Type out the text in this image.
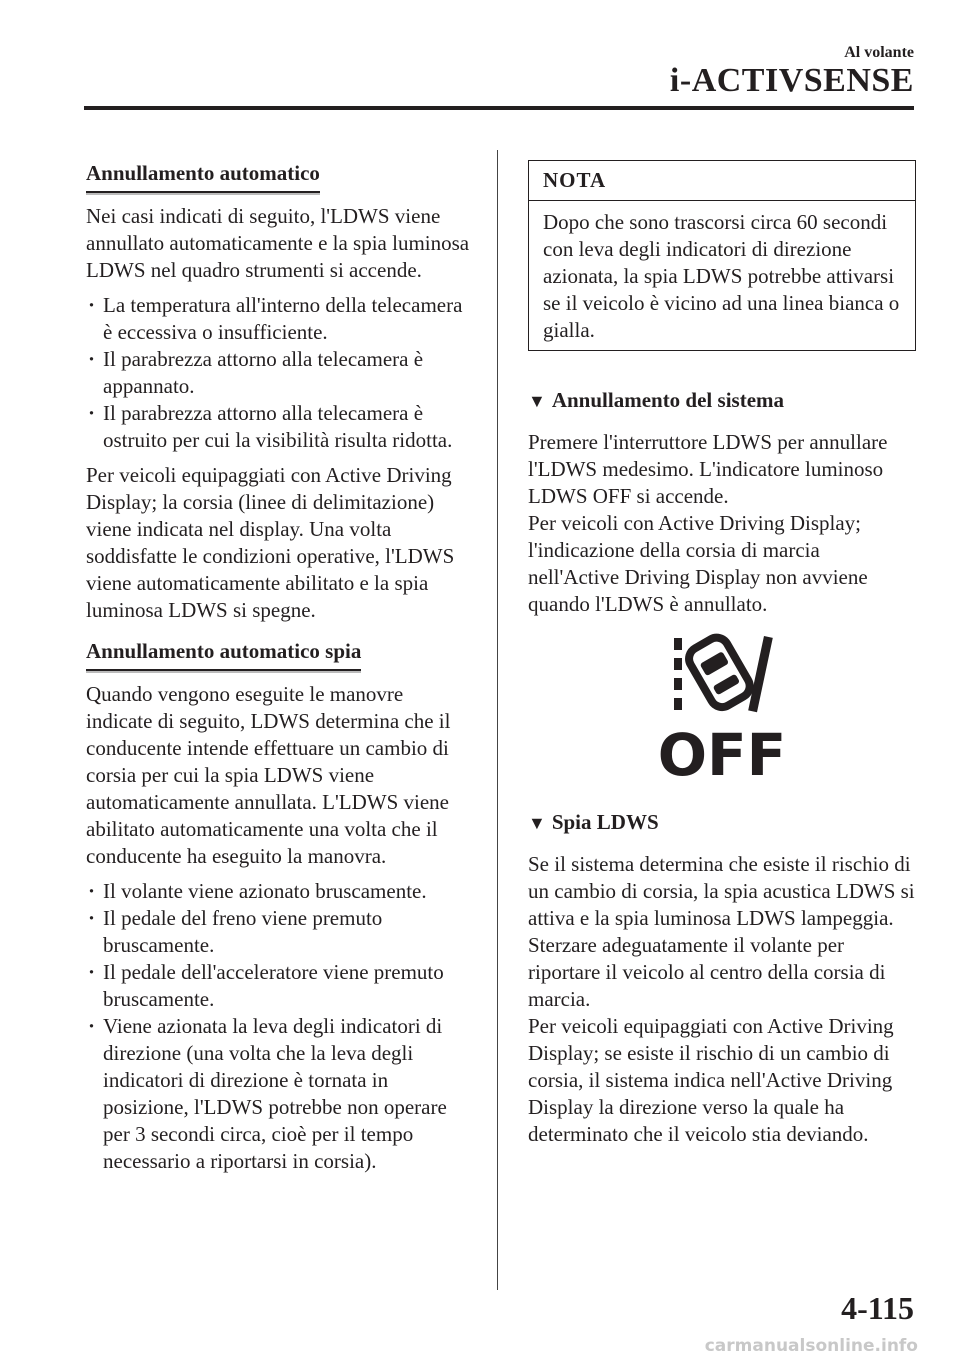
Al volante
i-ACTIVSENSE
Annullamento automatico

Nei casi indicati di seguito, l'LDWS viene annullato automaticamente e la spia luminosa LDWS nel quadro strumenti si accende.

· La temperatura all'interno della telecamera è eccessiva o insufficiente.
· Il parabrezza attorno alla telecamera è appannato.
· Il parabrezza attorno alla telecamera è ostruito per cui la visibilità risulta ridotta.

Per veicoli equipaggiati con Active Driving Display; la corsia (linee di delimitazione) viene indicata nel display. Una volta soddisfatte le condizioni operative, l'LDWS viene automaticamente abilitato e la spia luminosa LDWS si spegne.

Annullamento automatico spia

Quando vengono eseguite le manovre indicate di seguito, LDWS determina che il conducente intende effettuare un cambio di corsia per cui la spia LDWS viene automaticamente annullata. L'LDWS viene abilitato automaticamente una volta che il conducente ha eseguito la manovra.

· Il volante viene azionato bruscamente.
· Il pedale del freno viene premuto bruscamente.
· Il pedale dell'acceleratore viene premuto bruscamente.
· Viene azionata la leva degli indicatori di direzione (una volta che la leva degli indicatori di direzione è tornata in posizione, l'LDWS potrebbe non operare per 3 secondi circa, cioè per il tempo necessario a riportarsi in corsia).
NOTA
Dopo che sono trascorsi circa 60 secondi con leva degli indicatori di direzione azionata, la spia LDWS potrebbe attivarsi se il veicolo è vicino ad una linea bianca o gialla.
▼ Annullamento del sistema

Premere l'interruttore LDWS per annullare l'LDWS medesimo. L'indicatore luminoso LDWS OFF si accende.

Per veicoli con Active Driving Display; l'indicazione della corsia di marcia nell'Active Driving Display non avviene quando l'LDWS è annullato.

OFF
▼ Spia LDWS

Se il sistema determina che esiste il rischio di un cambio di corsia, la spia acustica LDWS si attiva e la spia luminosa LDWS lampeggia. Sterzare adeguatamente il volante per riportare il veicolo al centro della corsia di marcia.

Per veicoli equipaggiati con Active Driving Display; se esiste il rischio di un cambio di corsia, il sistema indica nell'Active Driving Display la direzione verso la quale ha determinato che il veicolo stia deviando.

4-115
carmanualsonline.info
